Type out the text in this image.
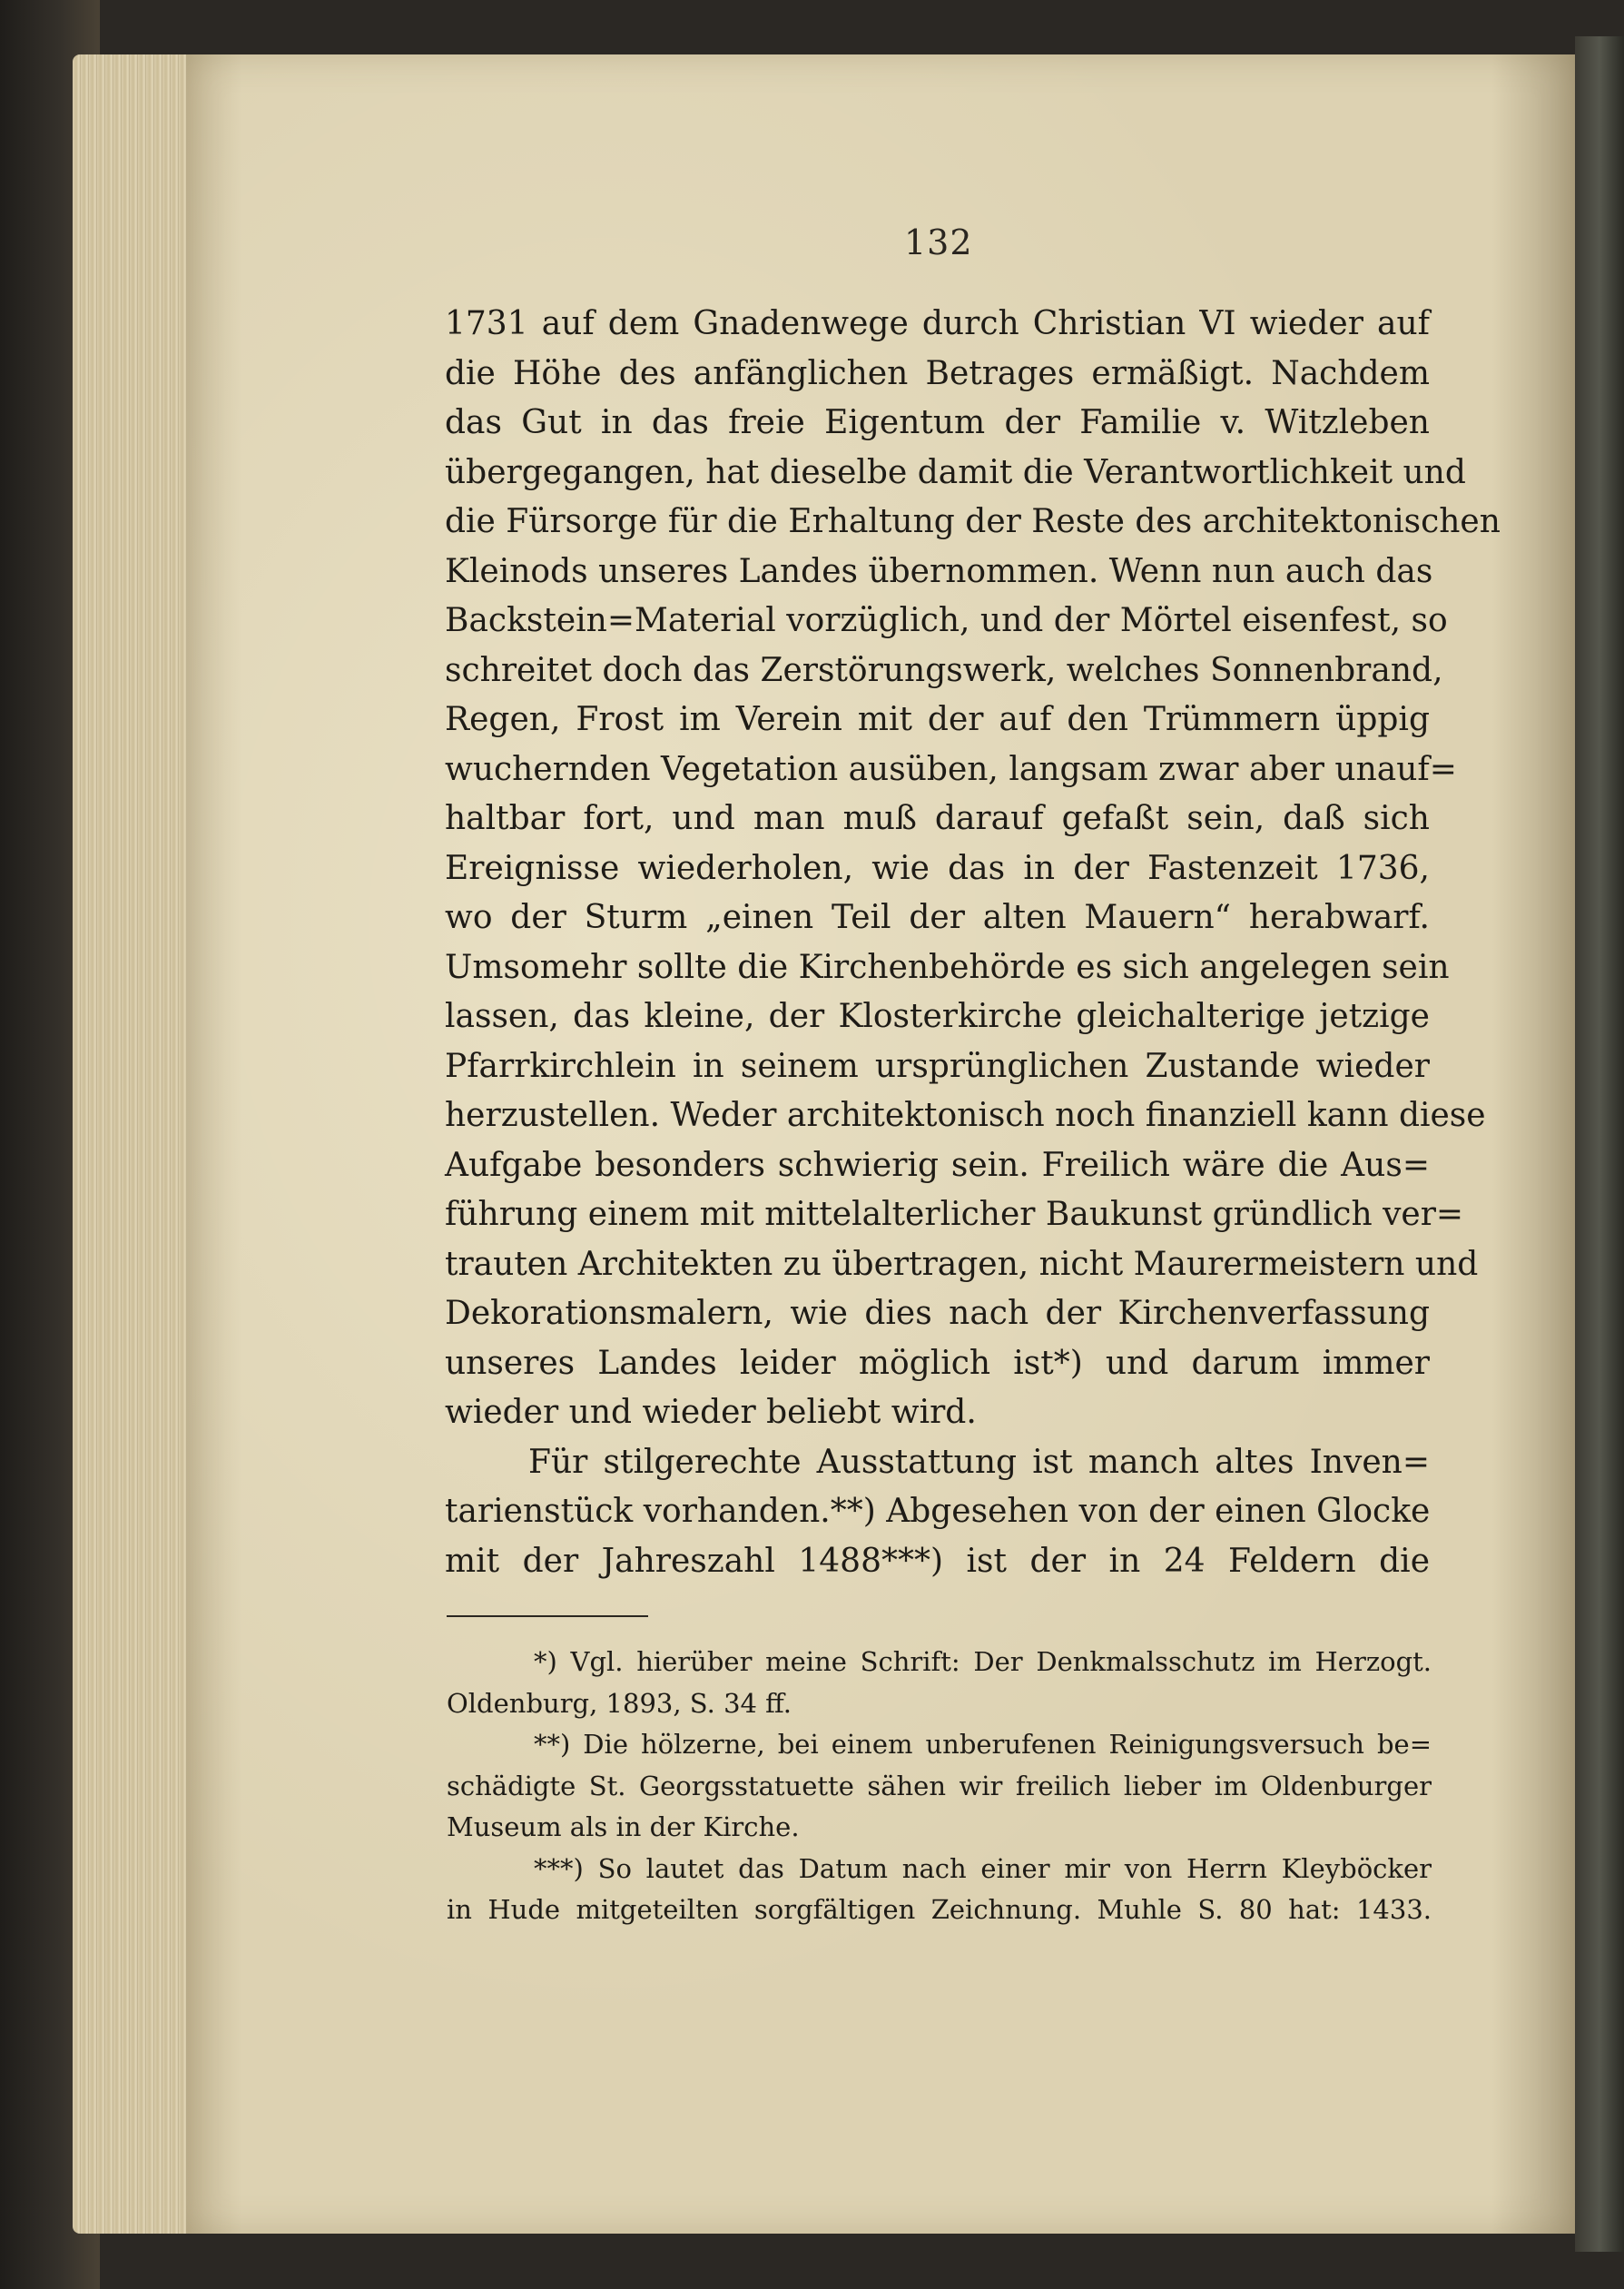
132
1731 auf dem Gnadenwege durch Christian VI wieder auf
die Höhe des anfänglichen Betrages ermäßigt. Nachdem
das Gut in das freie Eigentum der Familie v. Witzleben
übergegangen, hat dieselbe damit die Verantwortlichkeit und
die Fürsorge für die Erhaltung der Reste des architektonischen
Kleinods unseres Landes übernommen. Wenn nun auch das
Backstein=Material vorzüglich, und der Mörtel eisenfest, so
schreitet doch das Zerstörungswerk, welches Sonnenbrand,
Regen, Frost im Verein mit der auf den Trümmern üppig
wuchernden Vegetation ausüben, langsam zwar aber unauf=
haltbar fort, und man muß darauf gefaßt sein, daß sich
Ereignisse wiederholen, wie das in der Fastenzeit 1736,
wo der Sturm „einen Teil der alten Mauern“ herabwarf.
Umsomehr sollte die Kirchenbehörde es sich angelegen sein
lassen, das kleine, der Klosterkirche gleichalterige jetzige
Pfarrkirchlein in seinem ursprünglichen Zustande wieder
herzustellen. Weder architektonisch noch finanziell kann diese
Aufgabe besonders schwierig sein. Freilich wäre die Aus=
führung einem mit mittelalterlicher Baukunst gründlich ver=
trauten Architekten zu übertragen, nicht Maurermeistern und
Dekorationsmalern, wie dies nach der Kirchenverfassung
unseres Landes leider möglich ist*) und darum immer
wieder und wieder beliebt wird.
Für stilgerechte Ausstattung ist manch altes Inven=
tarienstück vorhanden.**) Abgesehen von der einen Glocke
mit der Jahreszahl 1488***) ist der in 24 Feldern die
*) Vgl. hierüber meine Schrift: Der Denkmalsschutz im Herzogt.
Oldenburg, 1893, S. 34 ff.
**) Die hölzerne, bei einem unberufenen Reinigungsversuch be=
schädigte St. Georgsstatuette sähen wir freilich lieber im Oldenburger
Museum als in der Kirche.
***) So lautet das Datum nach einer mir von Herrn Kleyböcker
in Hude mitgeteilten sorgfältigen Zeichnung. Muhle S. 80 hat: 1433.
